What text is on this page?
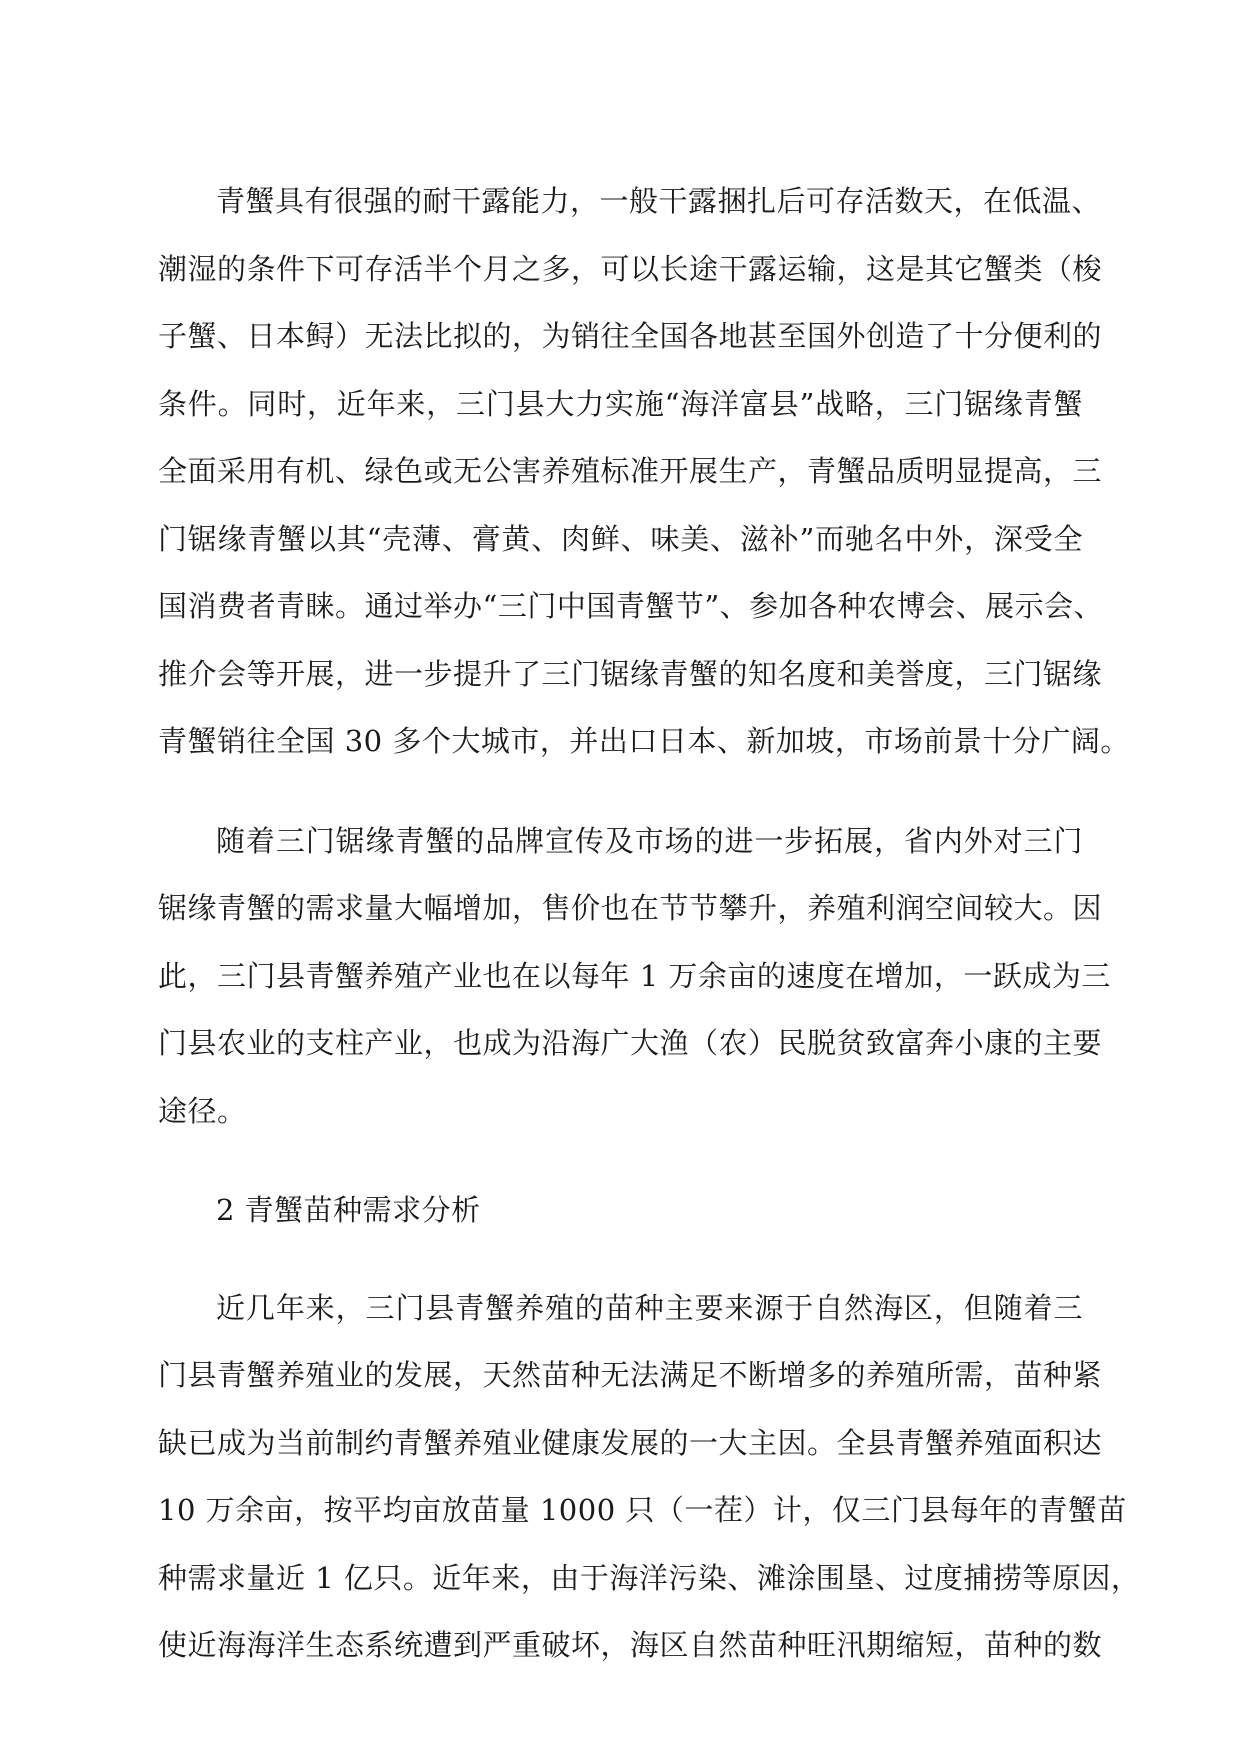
青蟹具有很强的耐干露能力，一般干露捆扎后可存活数天，在低温、
潮湿的条件下可存活半个月之多，可以长途干露运输，这是其它蟹类（梭
子蟹、日本鲟）无法比拟的，为销往全国各地甚至国外创造了十分便利的
条件。同时，近年来，三门县大力实施“海洋富县”战略，三门锯缘青蟹
全面采用有机、绿色或无公害养殖标准开展生产，青蟹品质明显提高，三
门锯缘青蟹以其“壳薄、膏黄、肉鲜、味美、滋补”而驰名中外，深受全
国消费者青睐。通过举办“三门中国青蟹节”、参加各种农博会、展示会、
推介会等开展，进一步提升了三门锯缘青蟹的知名度和美誉度，三门锯缘
青蟹销往全国 30 多个大城市，并出口日本、新加坡，市场前景十分广阔。
随着三门锯缘青蟹的品牌宣传及市场的进一步拓展，省内外对三门
锯缘青蟹的需求量大幅增加，售价也在节节攀升，养殖利润空间较大。因
此，三门县青蟹养殖产业也在以每年 1 万余亩的速度在增加，一跃成为三
门县农业的支柱产业，也成为沿海广大渔（农）民脱贫致富奔小康的主要
途径。
2 青蟹苗种需求分析
近几年来，三门县青蟹养殖的苗种主要来源于自然海区，但随着三
门县青蟹养殖业的发展，天然苗种无法满足不断增多的养殖所需，苗种紧
缺已成为当前制约青蟹养殖业健康发展的一大主因。全县青蟹养殖面积达
10 万余亩，按平均亩放苗量 1000 只（一茬）计，仅三门县每年的青蟹苗
种需求量近 1 亿只。近年来，由于海洋污染、滩涂围垦、过度捕捞等原因，
使近海海洋生态系统遭到严重破坏，海区自然苗种旺汛期缩短，苗种的数
